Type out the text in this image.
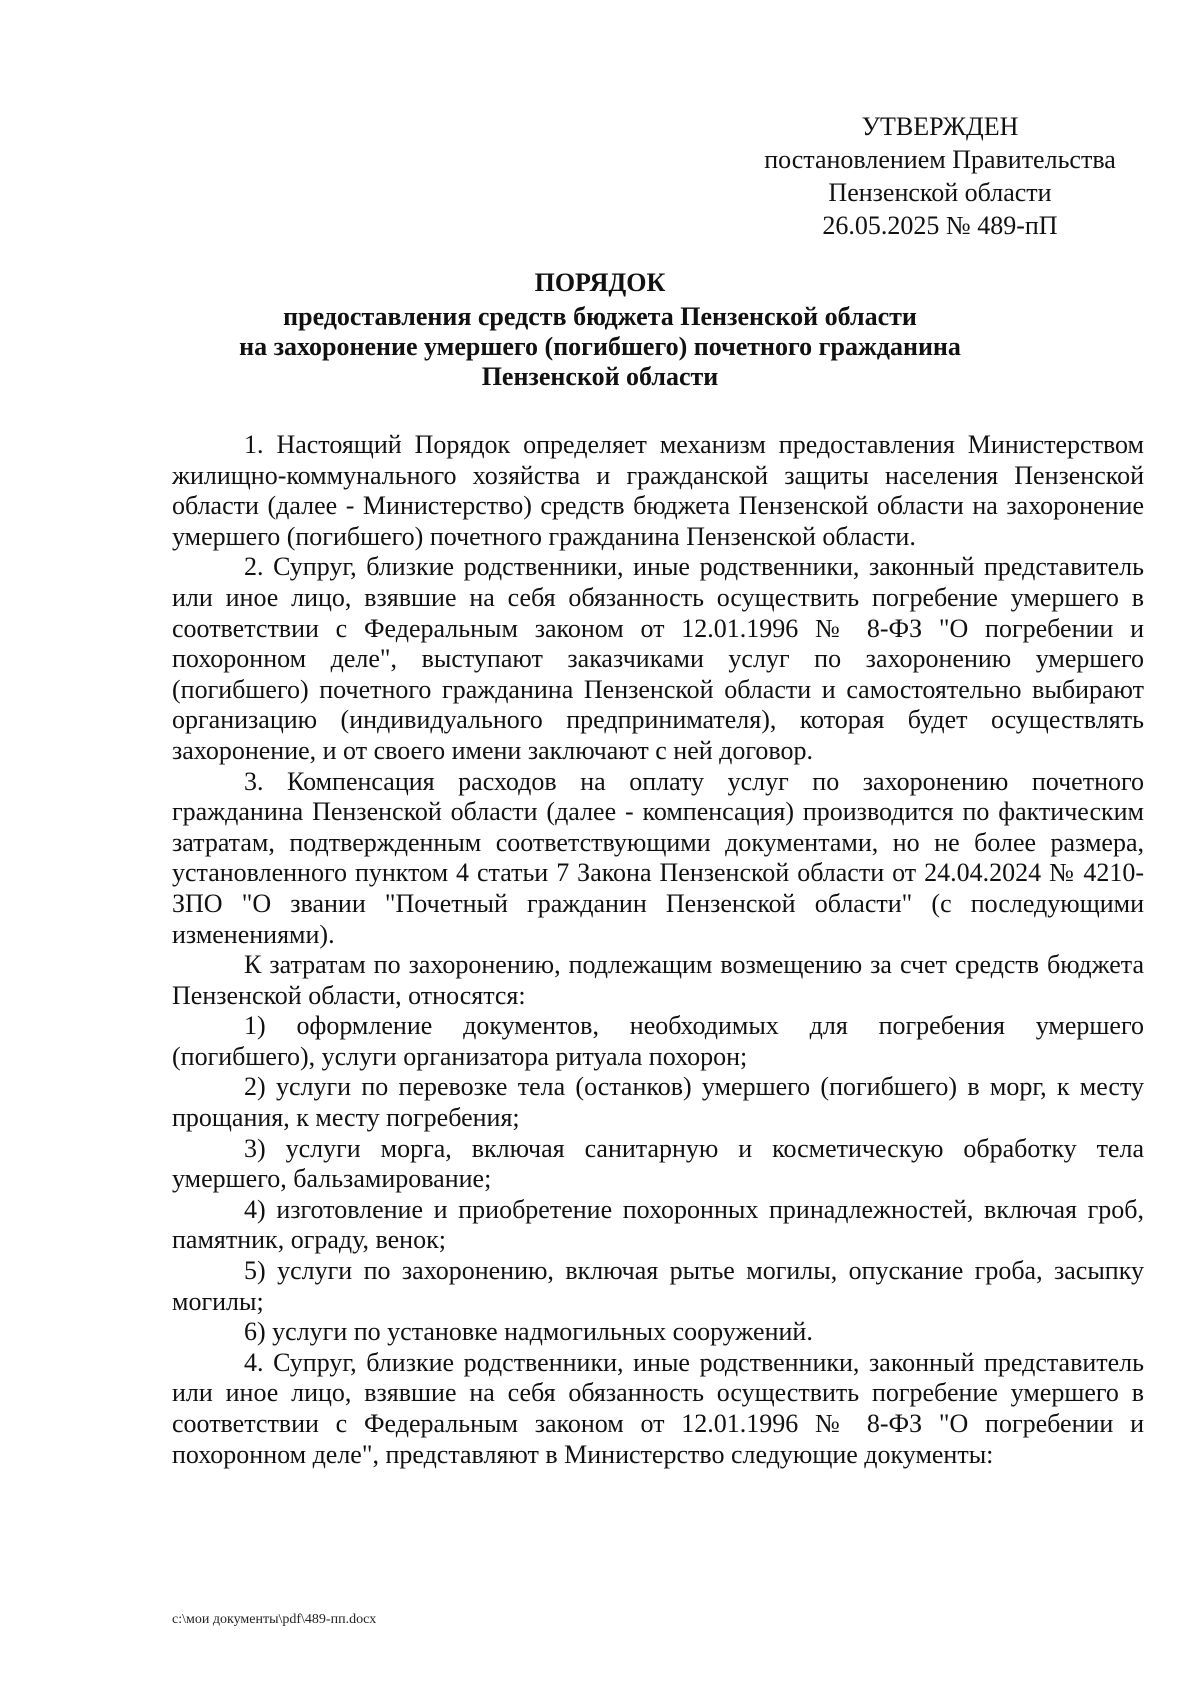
УТВЕРЖДЕН
постановлением Правительства
Пензенской области
26.05.2025 № 489-пП
ПОРЯДОК
предоставления средств бюджета Пензенской области
на захоронение умершего (погибшего) почетного гражданина
Пензенской области

1. Настоящий Порядок определяет механизм предоставления Министерством жилищно-коммунального хозяйства и гражданской защиты населения Пензенской области (далее - Министерство) средств бюджета Пензенской области на захоронение умершего (погибшего) почетного гражданина Пензенской области.

2. Супруг, близкие родственники, иные родственники, законный представитель или иное лицо, взявшие на себя обязанность осуществить погребение умершего в соответствии с Федеральным законом от 12.01.1996 № 8-ФЗ "О погребении и похоронном деле", выступают заказчиками услуг по захоронению умершего (погибшего) почетного гражданина Пензенской области и самостоятельно выбирают организацию (индивидуального предпринимателя), которая будет осуществлять захоронение, и от своего имени заключают с ней договор.

3. Компенсация расходов на оплату услуг по захоронению почетного гражданина Пензенской области (далее - компенсация) производится по фактическим затратам, подтвержденным соответствующими документами, но не более размера, установленного пунктом 4 статьи 7 Закона Пензенской области от 24.04.2024 № 4210-ЗПО "О звании "Почетный гражданин Пензенской области" (с последующими изменениями).

К затратам по захоронению, подлежащим возмещению за счет средств бюджета Пензенской области, относятся:

1) оформление документов, необходимых для погребения умершего (погибшего), услуги организатора ритуала похорон;

2) услуги по перевозке тела (останков) умершего (погибшего) в морг, к месту прощания, к месту погребения;

3) услуги морга, включая санитарную и косметическую обработку тела умершего, бальзамирование;

4) изготовление и приобретение похоронных принадлежностей, включая гроб, памятник, ограду, венок;

5) услуги по захоронению, включая рытье могилы, опускание гроба, засыпку могилы;

6) услуги по установке надмогильных сооружений.

4. Супруг, близкие родственники, иные родственники, законный представитель или иное лицо, взявшие на себя обязанность осуществить погребение умершего в соответствии с Федеральным законом от 12.01.1996 № 8-ФЗ "О погребении и похоронном деле", представляют в Министерство следующие документы:

c:\мои документы\pdf\489-пп.docx
